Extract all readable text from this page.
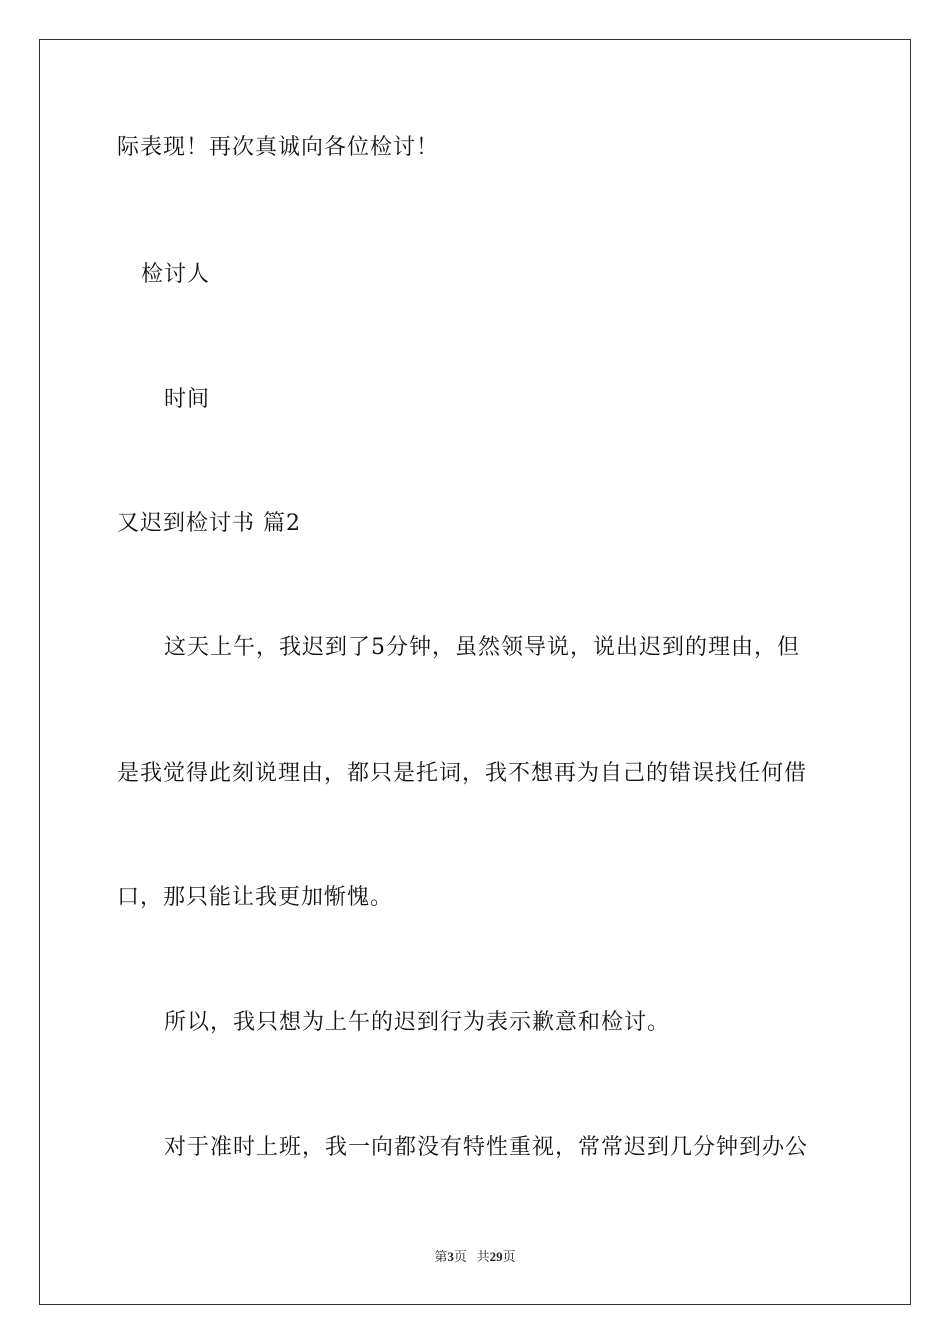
际表现！再次真诚向各位检讨！
检讨人
时间
又迟到检讨书 篇2
这天上午，我迟到了5分钟，虽然领导说，说出迟到的理由，但
是我觉得此刻说理由，都只是托词，我不想再为自己的错误找任何借
口，那只能让我更加惭愧。
所以，我只想为上午的迟到行为表示歉意和检讨。
对于准时上班，我一向都没有特性重视，常常迟到几分钟到办公
第3页 共29页
